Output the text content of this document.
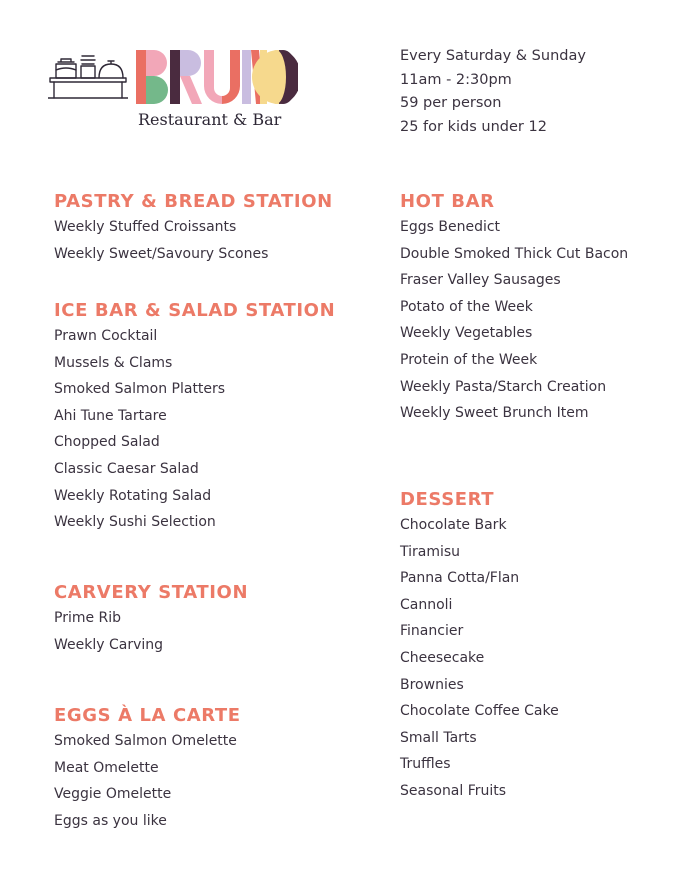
Restaurant & Bar
Every Saturday & Sunday
11am - 2:30pm
59 per person
25 for kids under 12
PASTRY & BREAD STATION
Weekly Stuffed Croissants
Weekly Sweet/Savoury Scones
ICE BAR & SALAD STATION
Prawn Cocktail
Mussels & Clams
Smoked Salmon Platters
Ahi Tune Tartare
Chopped Salad
Classic Caesar Salad
Weekly Rotating Salad
Weekly Sushi Selection
CARVERY STATION
Prime Rib
Weekly Carving
EGGS À LA CARTE
Smoked Salmon Omelette
Meat Omelette
Veggie Omelette
Eggs as you like
HOT BAR
Eggs Benedict
Double Smoked Thick Cut Bacon
Fraser Valley Sausages
Potato of the Week
Weekly Vegetables
Protein of the Week
Weekly Pasta/Starch Creation
Weekly Sweet Brunch Item
DESSERT
Chocolate Bark
Tiramisu
Panna Cotta/Flan
Cannoli
Financier
Cheesecake
Brownies
Chocolate Coffee Cake
Small Tarts
Truffles
Seasonal Fruits
